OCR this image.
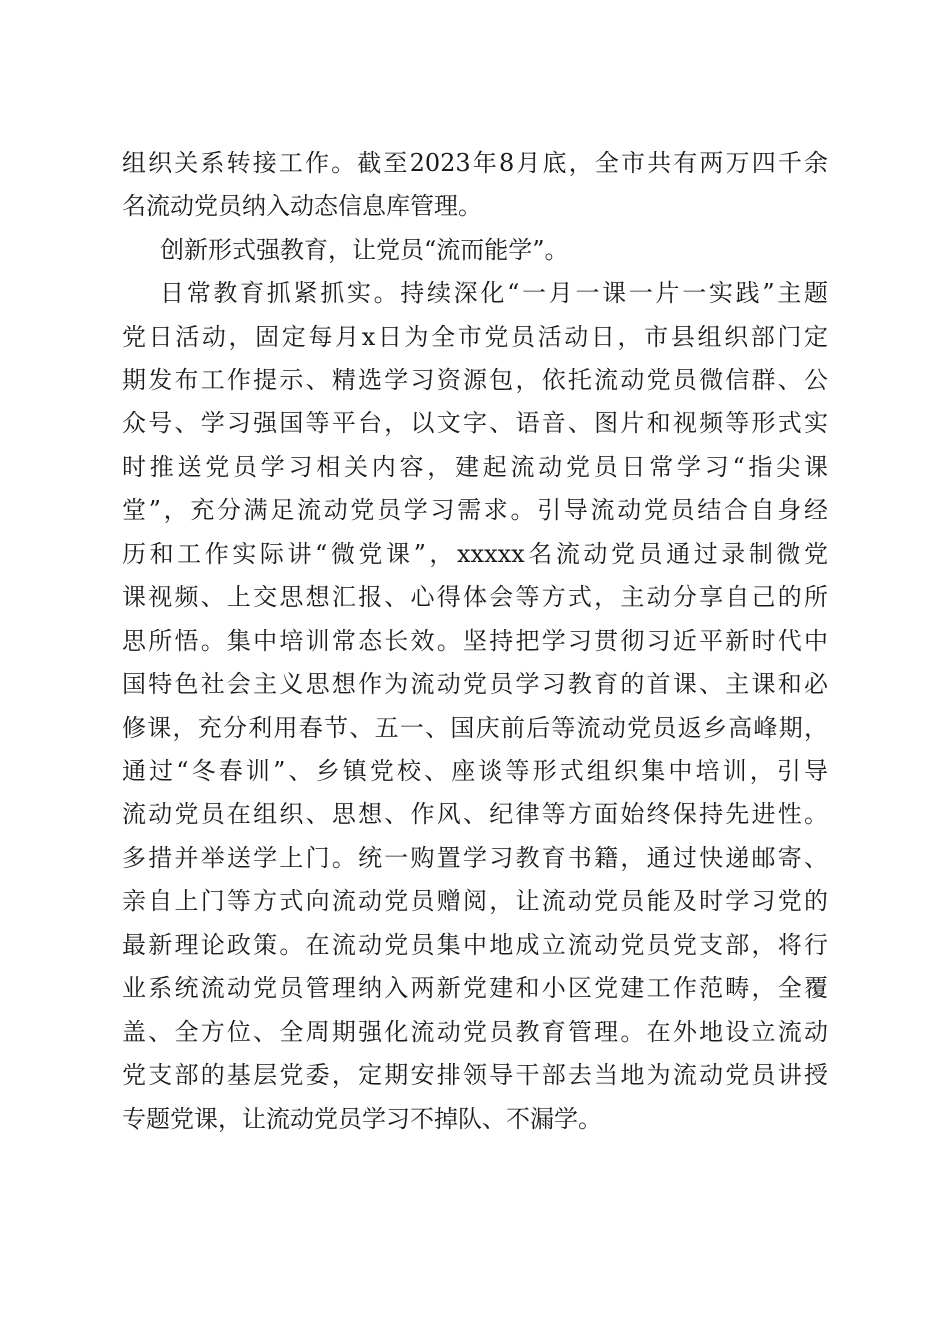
组织关系转接工作。截至2023年8月底，全市共有两万四千余
名流动党员纳入动态信息库管理。
创新形式强教育，让党员“流而能学”。
日常教育抓紧抓实。持续深化“一月一课一片一实践”主题
党日活动，固定每月x日为全市党员活动日，市县组织部门定
期发布工作提示、精选学习资源包，依托流动党员微信群、公
众号、学习强国等平台，以文字、语音、图片和视频等形式实
时推送党员学习相关内容，建起流动党员日常学习“指尖课
堂”，充分满足流动党员学习需求。引导流动党员结合自身经
历和工作实际讲“微党课”，xxxxx名流动党员通过录制微党
课视频、上交思想汇报、心得体会等方式，主动分享自己的所
思所悟。集中培训常态长效。坚持把学习贯彻习近平新时代中
国特色社会主义思想作为流动党员学习教育的首课、主课和必
修课，充分利用春节、五一、国庆前后等流动党员返乡高峰期，
通过“冬春训”、乡镇党校、座谈等形式组织集中培训，引导
流动党员在组织、思想、作风、纪律等方面始终保持先进性。
多措并举送学上门。统一购置学习教育书籍，通过快递邮寄、
亲自上门等方式向流动党员赠阅，让流动党员能及时学习党的
最新理论政策。在流动党员集中地成立流动党员党支部，将行
业系统流动党员管理纳入两新党建和小区党建工作范畴，全覆
盖、全方位、全周期强化流动党员教育管理。在外地设立流动
党支部的基层党委，定期安排领导干部去当地为流动党员讲授
专题党课，让流动党员学习不掉队、不漏学。
